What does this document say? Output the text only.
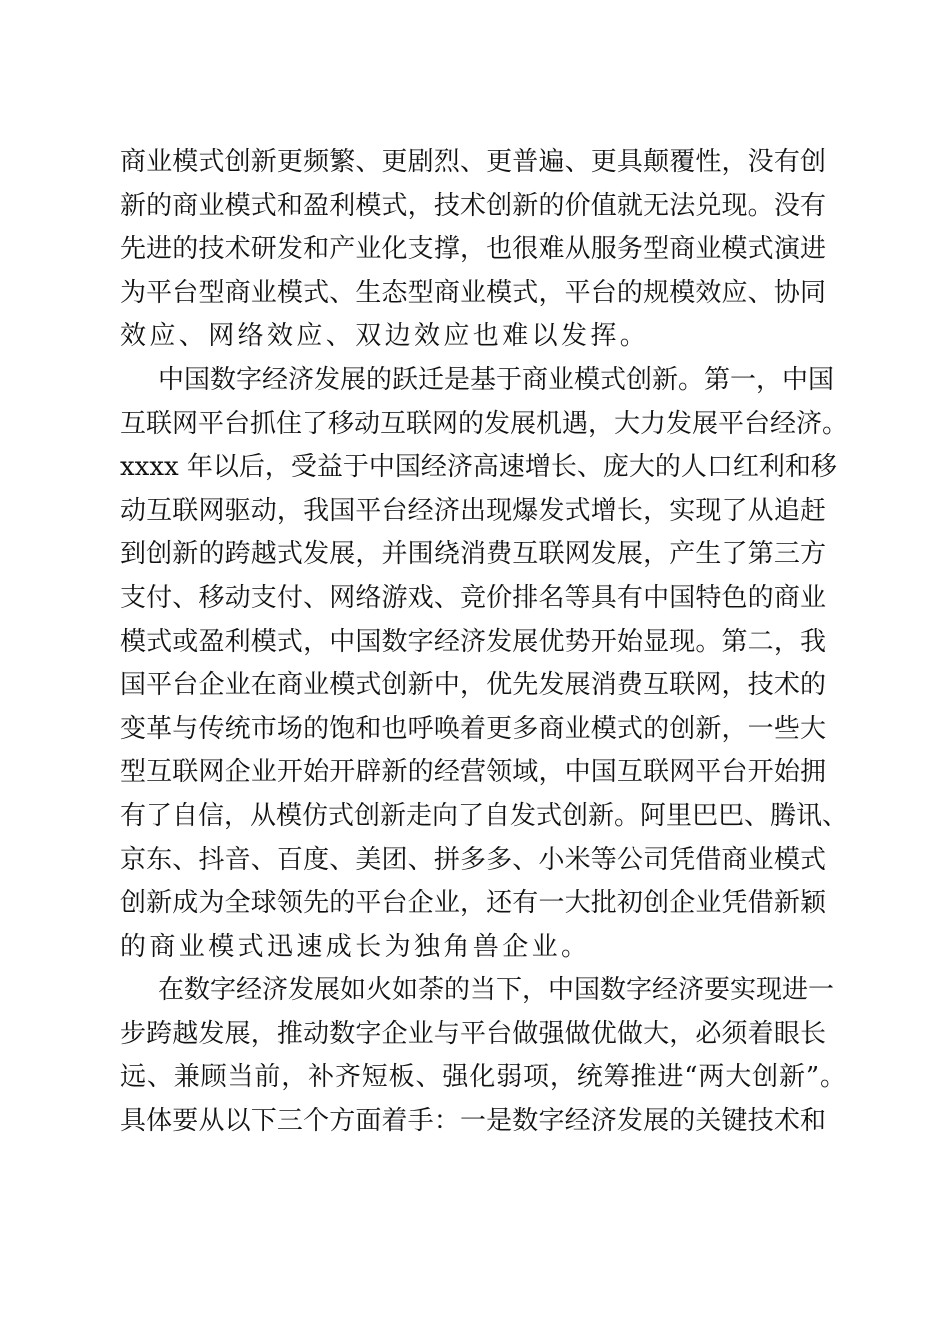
商业模式创新更频繁、更剧烈、更普遍、更具颠覆性，没有创
新的商业模式和盈利模式，技术创新的价值就无法兑现。没有
先进的技术研发和产业化支撑，也很难从服务型商业模式演进
为平台型商业模式、生态型商业模式，平台的规模效应、协同
效应、网络效应、双边效应也难以发挥。
中国数字经济发展的跃迁是基于商业模式创新。第一，中国
互联网平台抓住了移动互联网的发展机遇，大力发展平台经济。
xxxx 年以后，受益于中国经济高速增长、庞大的人口红利和移
动互联网驱动，我国平台经济出现爆发式增长，实现了从追赶
到创新的跨越式发展，并围绕消费互联网发展，产生了第三方
支付、移动支付、网络游戏、竞价排名等具有中国特色的商业
模式或盈利模式，中国数字经济发展优势开始显现。第二，我
国平台企业在商业模式创新中，优先发展消费互联网，技术的
变革与传统市场的饱和也呼唤着更多商业模式的创新，一些大
型互联网企业开始开辟新的经营领域，中国互联网平台开始拥
有了自信，从模仿式创新走向了自发式创新。阿里巴巴、腾讯、
京东、抖音、百度、美团、拼多多、小米等公司凭借商业模式
创新成为全球领先的平台企业，还有一大批初创企业凭借新颖
的商业模式迅速成长为独角兽企业。
在数字经济发展如火如荼的当下，中国数字经济要实现进一
步跨越发展，推动数字企业与平台做强做优做大，必须着眼长
远、兼顾当前，补齐短板、强化弱项，统筹推进“两大创新”。
具体要从以下三个方面着手：一是数字经济发展的关键技术和
